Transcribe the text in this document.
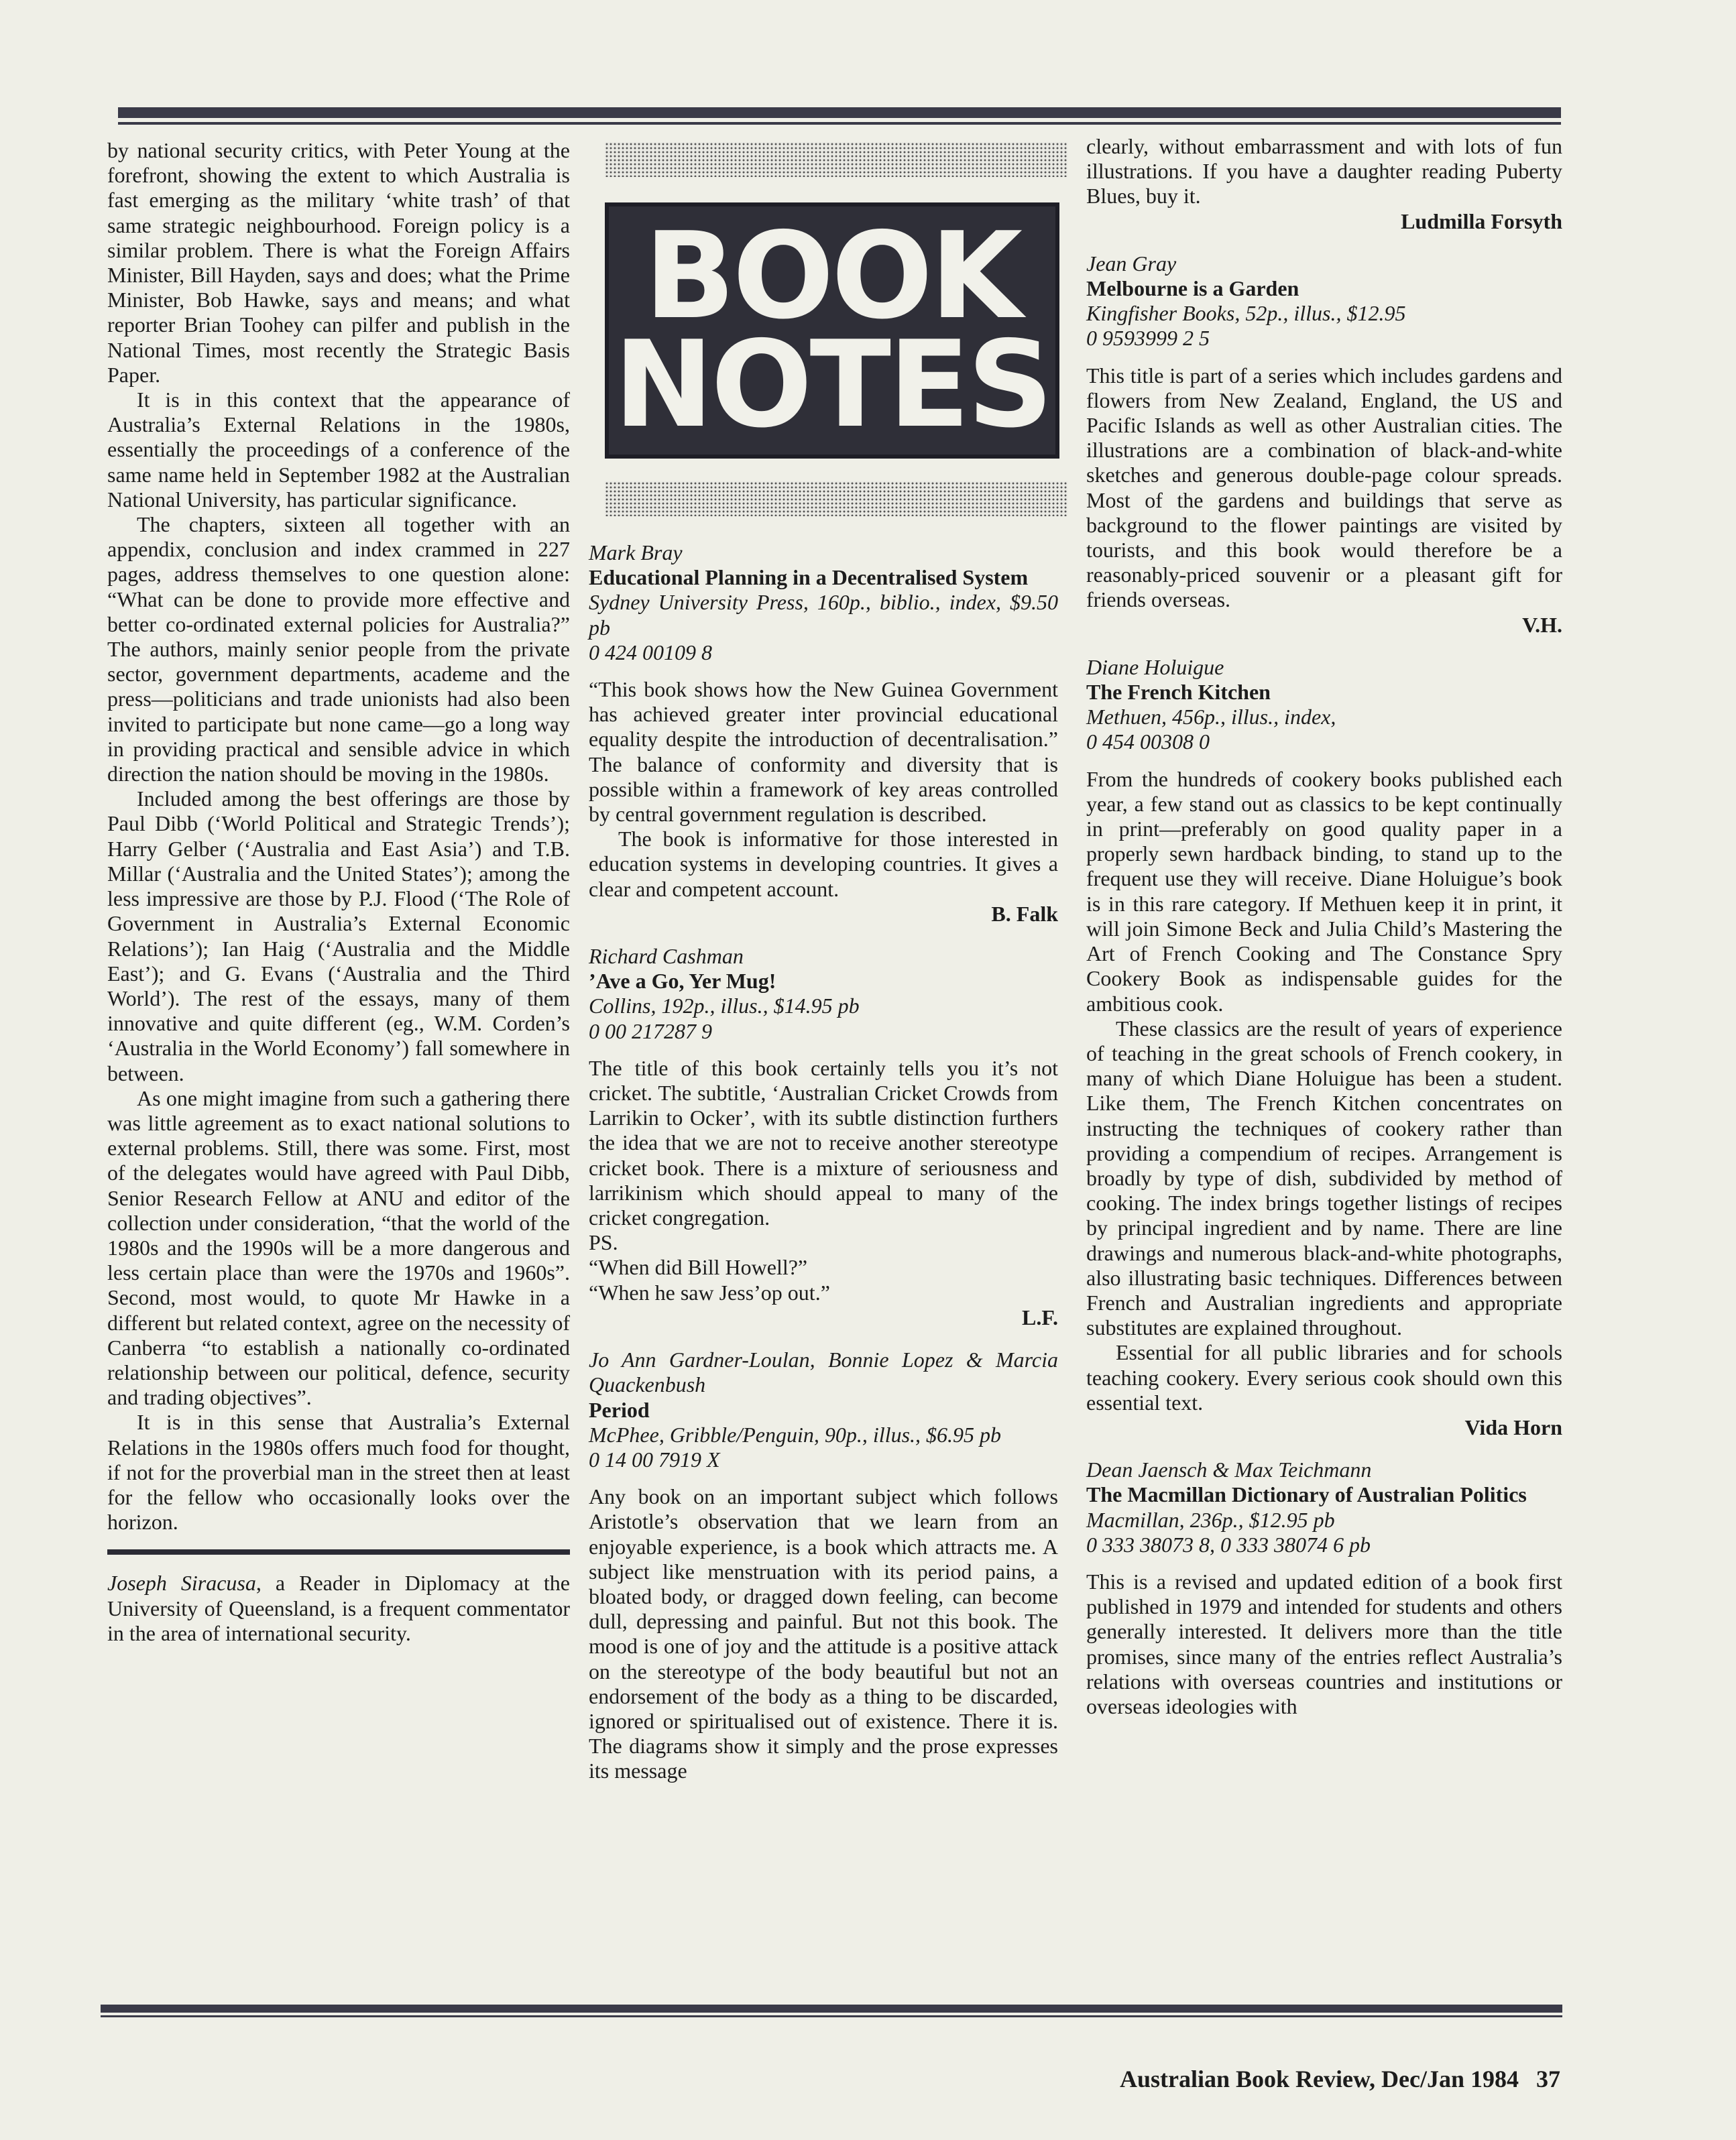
by national security critics, with Peter Young at the forefront, showing the extent to which Australia is fast emerging as the military ‘white trash’ of that same strategic neighbourhood. Foreign policy is a similar problem. There is what the Foreign Affairs Minister, Bill Hayden, says and does; what the Prime Minister, Bob Hawke, says and means; and what reporter Brian Toohey can pilfer and publish in the National Times, most recently the Strategic Basis Paper.

It is in this context that the appearance of Australia’s External Relations in the 1980s, essentially the proceedings of a conference of the same name held in September 1982 at the Australian National University, has particular significance.

The chapters, sixteen all together with an appendix, conclusion and index crammed in 227 pages, address themselves to one question alone: “What can be done to provide more effective and better co-ordinated external policies for Australia?” The authors, mainly senior people from the private sector, government departments, academe and the press—politicians and trade unionists had also been invited to participate but none came—go a long way in providing practical and sensible advice in which direction the nation should be moving in the 1980s.

Included among the best offerings are those by Paul Dibb (‘World Political and Strategic Trends’); Harry Gelber (‘Australia and East Asia’) and T.B. Millar (‘Australia and the United States’); among the less impressive are those by P.J. Flood (‘The Role of Government in Australia’s External Economic Relations’); Ian Haig (‘Australia and the Middle East’); and G. Evans (‘Australia and the Third World’). The rest of the essays, many of them innovative and quite different (eg., W.M. Corden’s ‘Australia in the World Economy’) fall somewhere in between.

As one might imagine from such a gathering there was little agreement as to exact national solutions to external problems. Still, there was some. First, most of the delegates would have agreed with Paul Dibb, Senior Research Fellow at ANU and editor of the collection under consideration, “that the world of the 1980s and the 1990s will be a more dangerous and less certain place than were the 1970s and 1960s”. Second, most would, to quote Mr Hawke in a different but related context, agree on the necessity of Canberra “to establish a nationally co-ordinated relationship between our political, defence, security and trading objectives”.

It is in this sense that Australia’s External Relations in the 1980s offers much food for thought, if not for the proverbial man in the street then at least for the fellow who occasionally looks over the horizon.

Joseph Siracusa, a Reader in Diplomacy at the University of Queensland, is a frequent commentator in the area of international security.

BOOK
NOTES

Mark Bray

Educational Planning in a Decentralised System

Sydney University Press, 160p., biblio., index, $9.50 pb

0 424 00109 8

“This book shows how the New Guinea Government has achieved greater inter provincial educational equality despite the introduction of decentralisation.” The balance of conformity and diversity that is possible within a framework of key areas controlled by central government regulation is described.

The book is informative for those interested in education systems in developing countries. It gives a clear and competent account.

B. Falk

Richard Cashman

’Ave a Go, Yer Mug!

Collins, 192p., illus., $14.95 pb

0 00 217287 9

The title of this book certainly tells you it’s not cricket. The subtitle, ‘Australian Cricket Crowds from Larrikin to Ocker’, with its subtle distinction furthers the idea that we are not to receive another stereotype cricket book. There is a mixture of seriousness and larrikinism which should appeal to many of the cricket congregation.

PS.

“When did Bill Howell?”

“When he saw Jess’op out.”

L.F.

Jo Ann Gardner-Loulan, Bonnie Lopez & Marcia Quackenbush

Period

McPhee, Gribble/Penguin, 90p., illus., $6.95 pb

0 14 00 7919 X

Any book on an important subject which follows Aristotle’s observation that we learn from an enjoyable experience, is a book which attracts me. A subject like menstruation with its period pains, a bloated body, or dragged down feeling, can become dull, depressing and painful. But not this book. The mood is one of joy and the attitude is a positive attack on the stereotype of the body beautiful but not an endorsement of the body as a thing to be discarded, ignored or spiritualised out of existence. There it is. The diagrams show it simply and the prose expresses its message

clearly, without embarrassment and with lots of fun illustrations. If you have a daughter reading Puberty Blues, buy it.

Ludmilla Forsyth

Jean Gray

Melbourne is a Garden

Kingfisher Books, 52p., illus., $12.95

0 9593999 2 5

This title is part of a series which includes gardens and flowers from New Zealand, England, the US and Pacific Islands as well as other Australian cities. The illustrations are a combination of black-and-white sketches and generous double-page colour spreads. Most of the gardens and buildings that serve as background to the flower paintings are visited by tourists, and this book would therefore be a reasonably-priced souvenir or a pleasant gift for friends overseas.

V.H.

Diane Holuigue

The French Kitchen

Methuen, 456p., illus., index,

0 454 00308 0

From the hundreds of cookery books published each year, a few stand out as classics to be kept continually in print—preferably on good quality paper in a properly sewn hardback binding, to stand up to the frequent use they will receive. Diane Holuigue’s book is in this rare category. If Methuen keep it in print, it will join Simone Beck and Julia Child’s Mastering the Art of French Cooking and The Constance Spry Cookery Book as indispensable guides for the ambitious cook.

These classics are the result of years of experience of teaching in the great schools of French cookery, in many of which Diane Holuigue has been a student. Like them, The French Kitchen concentrates on instructing the techniques of cookery rather than providing a compendium of recipes. Arrangement is broadly by type of dish, subdivided by method of cooking. The index brings together listings of recipes by principal ingredient and by name. There are line drawings and numerous black-and-white photographs, also illustrating basic techniques. Differences between French and Australian ingredients and appropriate substitutes are explained throughout.

Essential for all public libraries and for schools teaching cookery. Every serious cook should own this essential text.

Vida Horn

Dean Jaensch & Max Teichmann

The Macmillan Dictionary of Australian Politics

Macmillan, 236p., $12.95 pb

0 333 38073 8, 0 333 38074 6 pb

This is a revised and updated edition of a book first published in 1979 and intended for students and others generally interested. It delivers more than the title promises, since many of the entries reflect Australia’s relations with overseas countries and institutions or overseas ideologies with

Australian Book Review, Dec/Jan 1984 37
